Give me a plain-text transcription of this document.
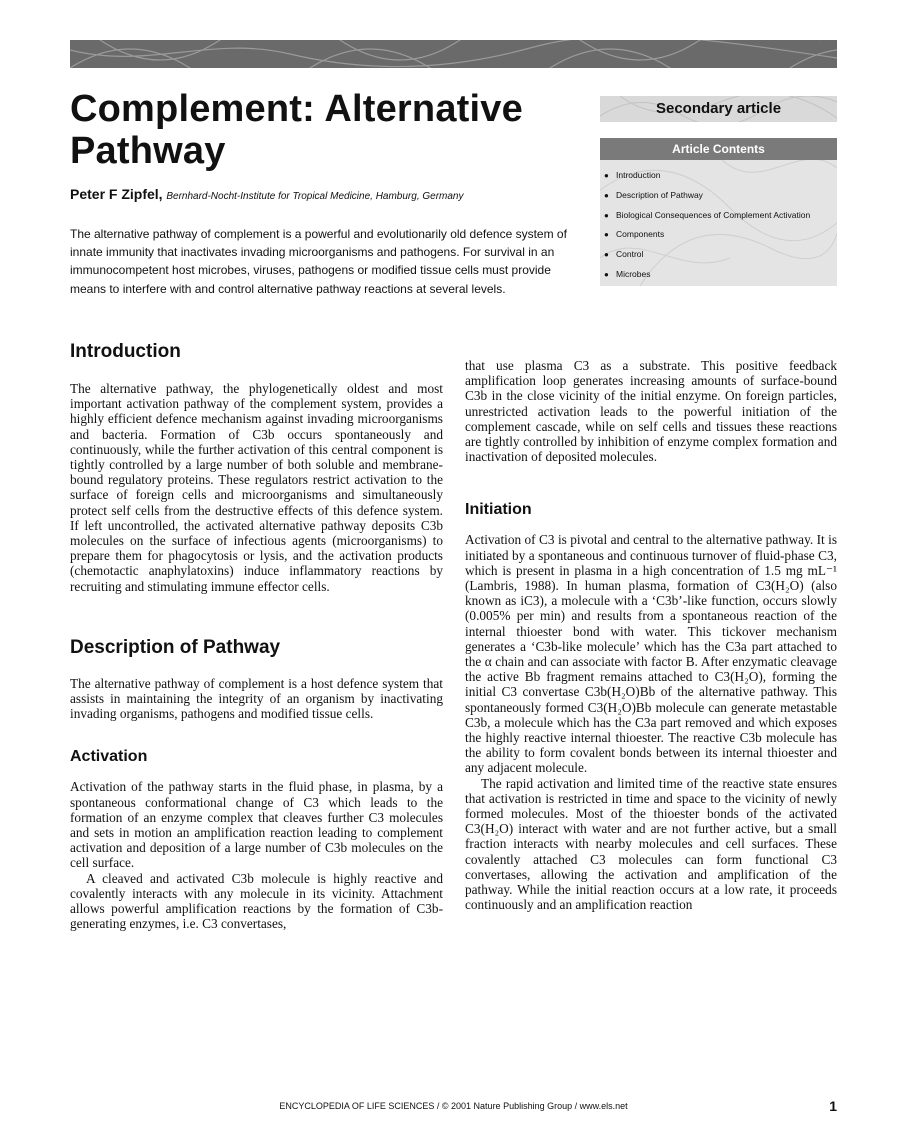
Complement: Alternative Pathway
Peter F Zipfel, Bernhard-Nocht-Institute for Tropical Medicine, Hamburg, Germany

The alternative pathway of complement is a powerful and evolutionarily old defence system of innate immunity that inactivates invading microorganisms and pathogens. For survival in an immunocompetent host microbes, viruses, pathogens or modified tissue cells must provide means to interfere with and control alternative pathway reactions at several levels.

Secondary article
Article Contents
● Introduction
● Description of Pathway
● Biological Consequences of Complement Activation
● Components
● Control
● Microbes
Introduction

The alternative pathway, the phylogenetically oldest and most important activation pathway of the complement system, provides a highly efficient defence mechanism against invading microorganisms and bacteria. Formation of C3b occurs spontaneously and continuously, while the further activation of this central component is tightly controlled by a large number of both soluble and membrane-bound regulatory proteins. These regulators restrict activation to the surface of foreign cells and microorganisms and simultaneously protect self cells from the destructive effects of this defence system. If left uncontrolled, the activated alternative pathway deposits C3b molecules on the surface of infectious agents (microorganisms) to prepare them for phagocytosis or lysis, and the activation products (chemotactic anaphylatoxins) induce inflammatory reactions by recruiting and stimulating immune effector cells.

Description of Pathway

The alternative pathway of complement is a host defence system that assists in maintaining the integrity of an organism by inactivating invading organisms, pathogens and modified tissue cells.

Activation

Activation of the pathway starts in the fluid phase, in plasma, by a spontaneous conformational change of C3 which leads to the formation of an enzyme complex that cleaves further C3 molecules and sets in motion an amplification reaction leading to complement activation and deposition of a large number of C3b molecules on the cell surface.

A cleaved and activated C3b molecule is highly reactive and covalently interacts with any molecule in its vicinity. Attachment allows powerful amplification reactions by the formation of C3b-generating enzymes, i.e. C3 convertases,

that use plasma C3 as a substrate. This positive feedback amplification loop generates increasing amounts of surface-bound C3b in the close vicinity of the initial enzyme. On foreign particles, unrestricted activation leads to the powerful initiation of the complement cascade, while on self cells and tissues these reactions are tightly controlled by inhibition of enzyme complex formation and inactivation of deposited molecules.

Initiation

Activation of C3 is pivotal and central to the alternative pathway. It is initiated by a spontaneous and continuous turnover of fluid-phase C3, which is present in plasma in a high concentration of 1.5 mg mL⁻¹ (Lambris, 1988). In human plasma, formation of C3(H₂O) (also known as iC3), a molecule with a ‘C3b’-like function, occurs slowly (0.005% per min) and results from a spontaneous reaction of the internal thioester bond with water. This tickover mechanism generates a ‘C3b-like molecule’ which has the C3a part attached to the α chain and can associate with factor B. After enzymatic cleavage the active Bb fragment remains attached to C3(H₂O), forming the initial C3 convertase C3b(H₂O)Bb of the alternative pathway. This spontaneously formed C3(H₂O)Bb molecule can generate metastable C3b, a molecule which has the C3a part removed and which exposes the highly reactive internal thioester. The reactive C3b molecule has the ability to form covalent bonds between its internal thioester and any adjacent molecule.

The rapid activation and limited time of the reactive state ensures that activation is restricted in time and space to the vicinity of newly formed molecules. Most of the thioester bonds of the activated C3(H₂O) interact with water and are not further active, but a small fraction interacts with nearby molecules and cell surfaces. These covalently attached C3 molecules can form functional C3 convertases, allowing the activation and amplification of the pathway. While the initial reaction occurs at a low rate, it proceeds continuously and an amplification reaction

ENCYCLOPEDIA OF LIFE SCIENCES / © 2001 Nature Publishing Group / www.els.net	1
